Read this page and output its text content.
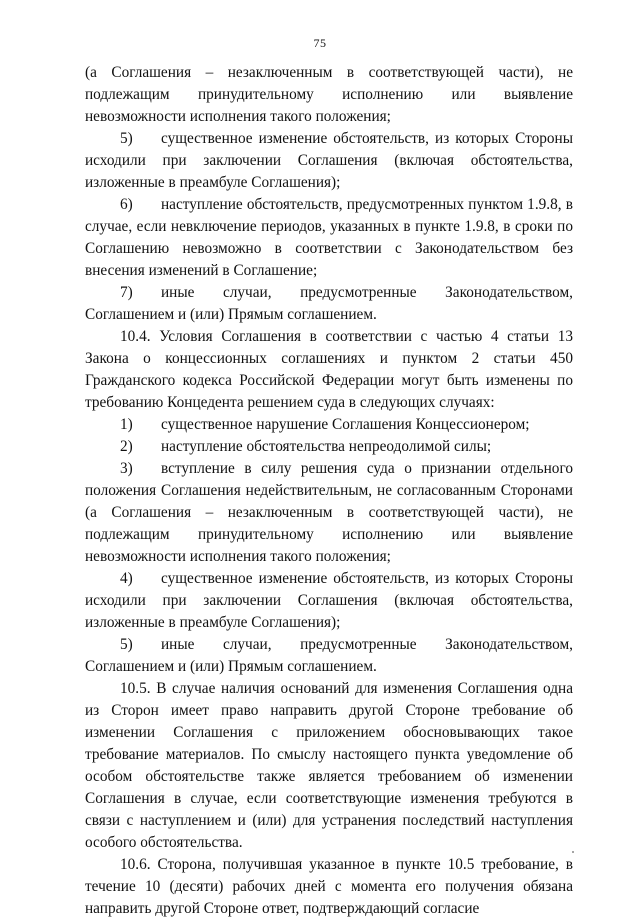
75

(а Соглашения – незаключенным в соответствующей части), не подлежащим принудительному исполнению или выявление невозможности исполнения такого положения;

5) существенное изменение обстоятельств, из которых Стороны исходили при заключении Соглашения (включая обстоятельства, изложенные в преамбуле Соглашения);

6) наступление обстоятельств, предусмотренных пунктом 1.9.8, в случае, если невключение периодов, указанных в пункте 1.9.8, в сроки по Соглашению невозможно в соответствии с Законодательством без внесения изменений в Соглашение;

7) иные случаи, предусмотренные Законодательством, Соглашением и (или) Прямым соглашением.

10.4. Условия Соглашения в соответствии с частью 4 статьи 13 Закона о концессионных соглашениях и пунктом 2 статьи 450 Гражданского кодекса Российской Федерации могут быть изменены по требованию Концедента решением суда в следующих случаях:

1) существенное нарушение Соглашения Концессионером;

2) наступление обстоятельства непреодолимой силы;

3) вступление в силу решения суда о признании отдельного положения Соглашения недействительным, не согласованным Сторонами (а Соглашения – незаключенным в соответствующей части), не подлежащим принудительному исполнению или выявление невозможности исполнения такого положения;

4) существенное изменение обстоятельств, из которых Стороны исходили при заключении Соглашения (включая обстоятельства, изложенные в преамбуле Соглашения);

5) иные случаи, предусмотренные Законодательством, Соглашением и (или) Прямым соглашением.

10.5. В случае наличия оснований для изменения Соглашения одна из Сторон имеет право направить другой Стороне требование об изменении Соглашения с приложением обосновывающих такое требование материалов. По смыслу настоящего пункта уведомление об особом обстоятельстве также является требованием об изменении Соглашения в случае, если соответствующие изменения требуются в связи с наступлением и (или) для устранения последствий наступления особого обстоятельства.

10.6. Сторона, получившая указанное в пункте 10.5 требование, в течение 10 (десяти) рабочих дней с момента его получения обязана направить другой Стороне ответ, подтверждающий согласие
